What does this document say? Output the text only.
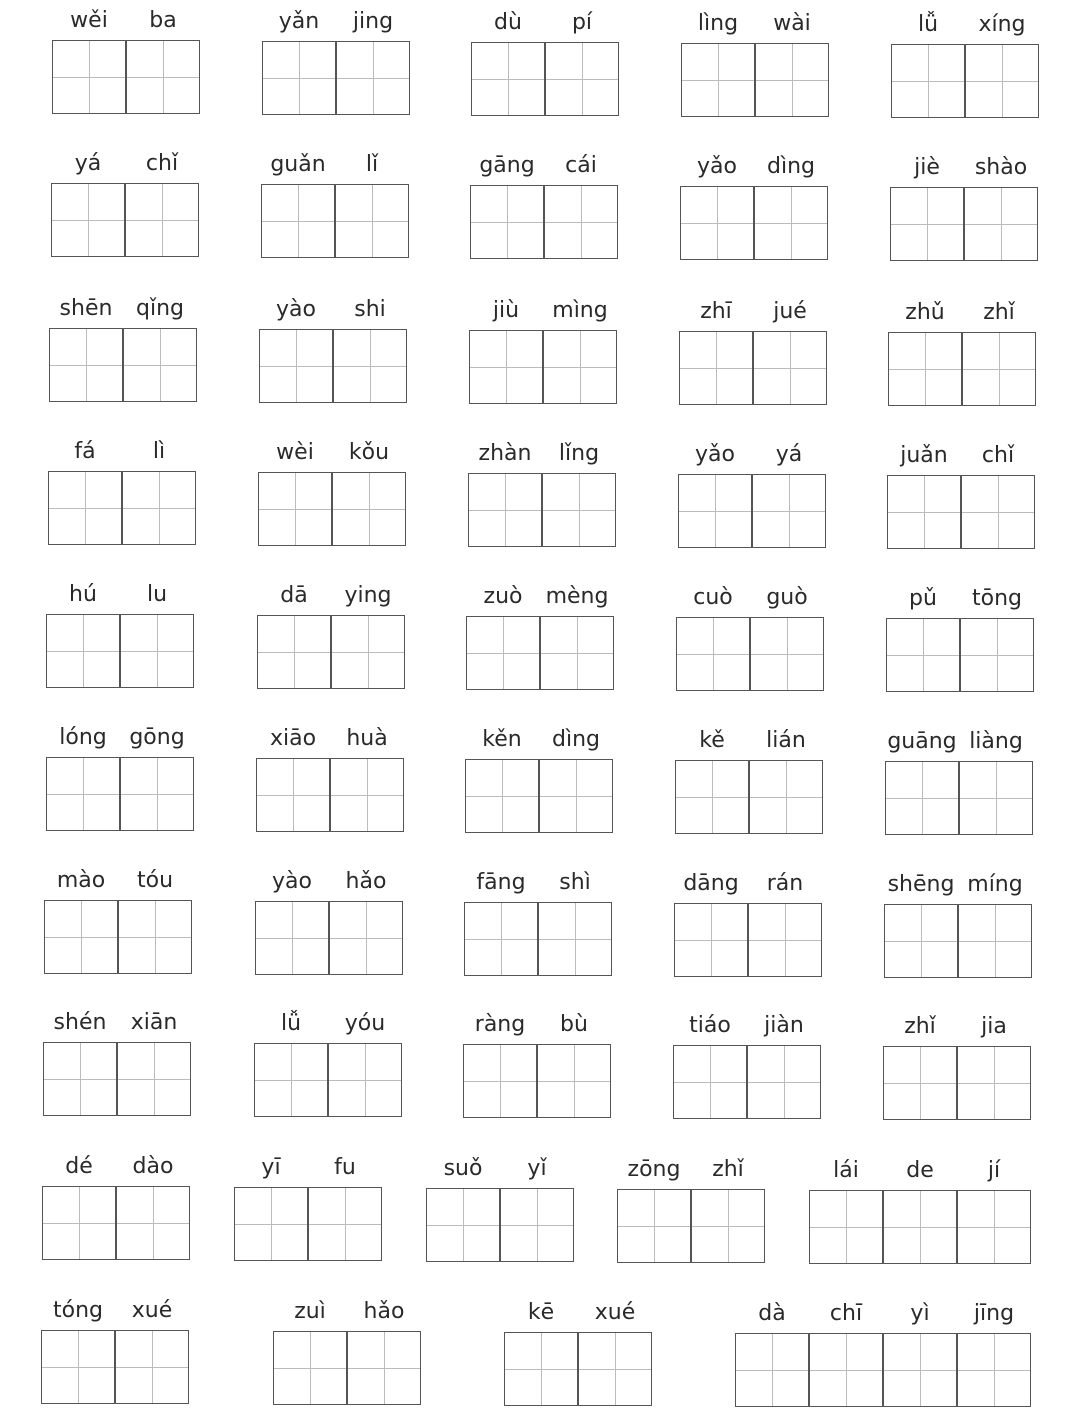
wěi	ba	yǎn	jing	dù	pí	lìng	wài	lǚ	xíng
yá	chǐ	guǎn	lǐ	gāng	cái	yǎo	dìng	jiè	shào
shēn	qǐng	yào	shi	jiù	mìng	zhī	jué	zhǔ	zhǐ
fá	lì	wèi	kǒu	zhàn	lǐng	yǎo	yá	juǎn	chǐ
hú	lu	dā	ying	zuò	mèng	cuò	guò	pǔ	tōng
lóng	gōng	xiāo	huà	kěn	dìng	kě	lián	guāng liàng
mào	tóu	yào	hǎo	fāng	shì	dāng	rán	shēng míng
shén	xiān	lǚ	yóu	ràng	bù	tiáo	jiàn	zhǐ	jia
dé	dào	yī	fu	suǒ	yǐ	zōng	zhǐ	lái	de	jí
tóng	xué	zuì	hǎo	kē	xué	dà	chī	yì	jīng
